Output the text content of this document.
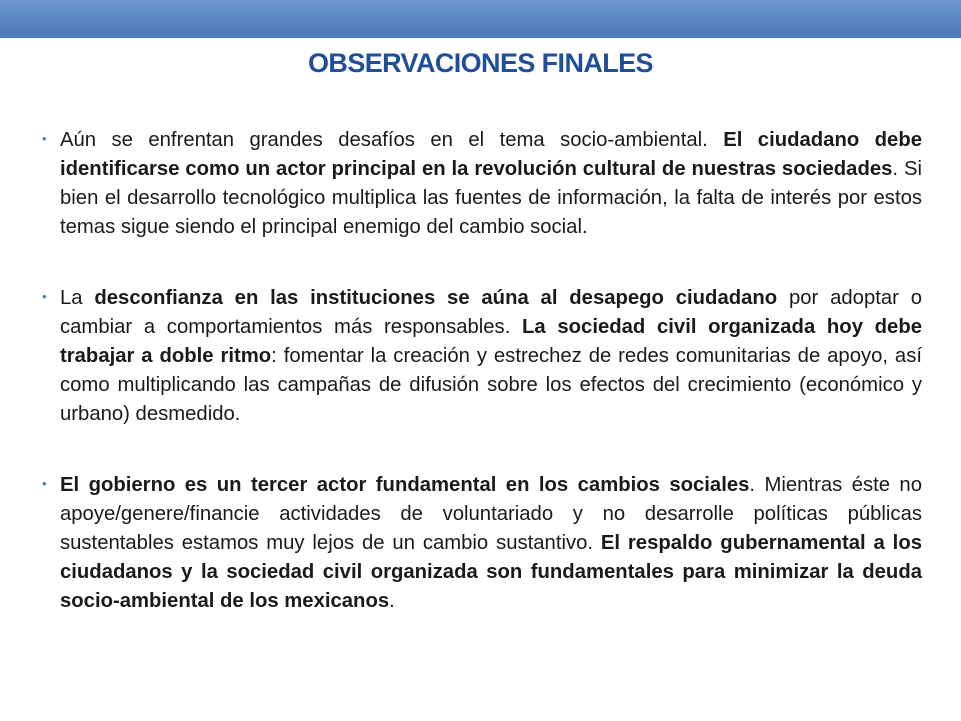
OBSERVACIONES FINALES
• Aún se enfrentan grandes desafíos en el tema socio-ambiental. El ciudadano debe identificarse como un actor principal en la revolución cultural de nuestras sociedades. Si bien el desarrollo tecnológico multiplica las fuentes de información, la falta de interés por estos temas sigue siendo el principal enemigo del cambio social.
• La desconfianza en las instituciones se aúna al desapego ciudadano por adoptar o cambiar a comportamientos más responsables. La sociedad civil organizada hoy debe trabajar a doble ritmo: fomentar la creación y estrechez de redes comunitarias de apoyo, así como multiplicando las campañas de difusión sobre los efectos del crecimiento (económico y urbano) desmedido.
• El gobierno es un tercer actor fundamental en los cambios sociales. Mientras éste no apoye/genere/financie actividades de voluntariado y no desarrolle políticas públicas sustentables estamos muy lejos de un cambio sustantivo. El respaldo gubernamental a los ciudadanos y la sociedad civil organizada son fundamentales para minimizar la deuda socio-ambiental de los mexicanos.
